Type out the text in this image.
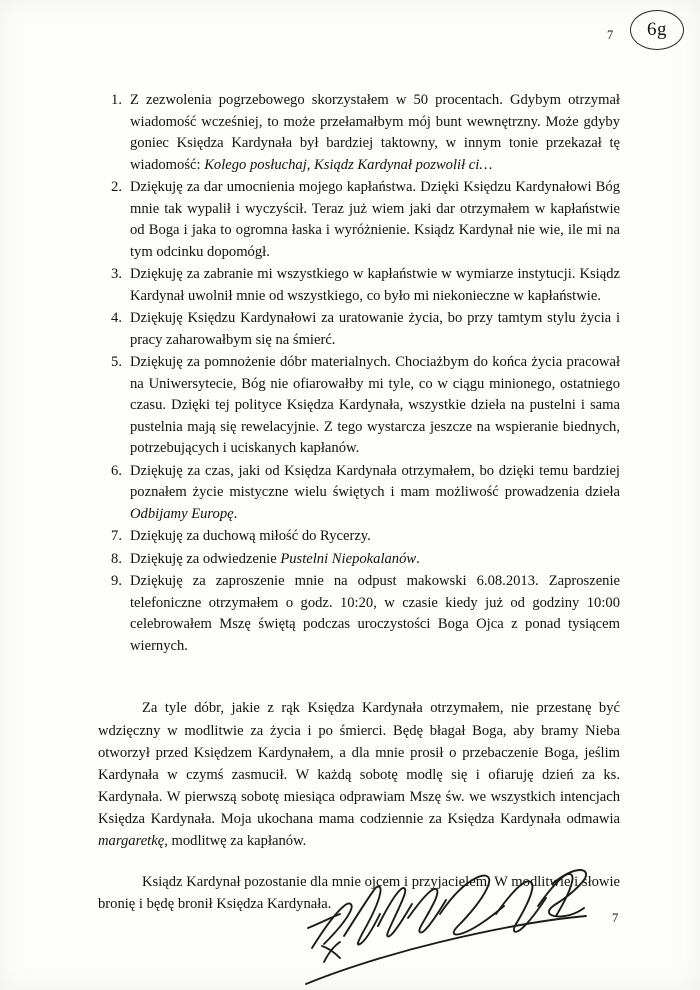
7 6g
1. Z zezwolenia pogrzebowego skorzystałem w 50 procentach. Gdybym otrzymał wiadomość wcześniej, to może przełamałbym mój bunt wewnętrzny. Może gdyby goniec Księdza Kardynała był bardziej taktowny, w innym tonie przekazał tę wiadomość: Kolego posłuchaj, Ksiądz Kardynał pozwolił ci…
2. Dziękuję za dar umocnienia mojego kapłaństwa. Dzięki Księdzu Kardynałowi Bóg mnie tak wypalił i wyczyścił. Teraz już wiem jaki dar otrzymałem w kapłaństwie od Boga i jaka to ogromna łaska i wyróżnienie. Ksiądz Kardynał nie wie, ile mi na tym odcinku dopomógł.
3. Dziękuję za zabranie mi wszystkiego w kapłaństwie w wymiarze instytucji. Ksiądz Kardynał uwolnił mnie od wszystkiego, co było mi niekonieczne w kapłaństwie.
4. Dziękuję Księdzu Kardynałowi za uratowanie życia, bo przy tamtym stylu życia i pracy zaharowałbym się na śmierć.
5. Dziękuję za pomnożenie dóbr materialnych. Chociażbym do końca życia pracował na Uniwersytecie, Bóg nie ofiarowałby mi tyle, co w ciągu minionego, ostatniego czasu. Dzięki tej polityce Księdza Kardynała, wszystkie dzieła na pustelni i sama pustelnia mają się rewelacyjnie. Z tego wystarcza jeszcze na wspieranie biednych, potrzebujących i uciskanych kapłanów.
6. Dziękuję za czas, jaki od Księdza Kardynała otrzymałem, bo dzięki temu bardziej poznałem życie mistyczne wielu świętych i mam możliwość prowadzenia dzieła Odbijamy Europę.
7. Dziękuję za duchową miłość do Rycerzy.
8. Dziękuję za odwiedzenie Pustelni Niepokalanów.
9. Dziękuję za zaproszenie mnie na odpust makowski 6.08.2013. Zaproszenie telefoniczne otrzymałem o godz. 10:20, w czasie kiedy już od godziny 10:00 celebrowałem Mszę świętą podczas uroczystości Boga Ojca z ponad tysiącem wiernych.
Za tyle dóbr, jakie z rąk Księdza Kardynała otrzymałem, nie przestanę być wdzięczny w modlitwie za życia i po śmierci. Będę błagał Boga, aby bramy Nieba otworzył przed Księdzem Kardynałem, a dla mnie prosił o przebaczenie Boga, jeślim Kardynała w czymś zasmucił. W każdą sobotę modlę się i ofiaruję dzień za ks. Kardynała. W pierwszą sobotę miesiąca odprawiam Mszę św. we wszystkich intencjach Księdza Kardynała. Moja ukochana mama codziennie za Księdza Kardynała odmawia margaretkę, modlitwę za kapłanów.
Ksiądz Kardynał pozostanie dla mnie ojcem i przyjacielem. W modlitwie i słowie bronię i będę bronił Księdza Kardynała.
7
